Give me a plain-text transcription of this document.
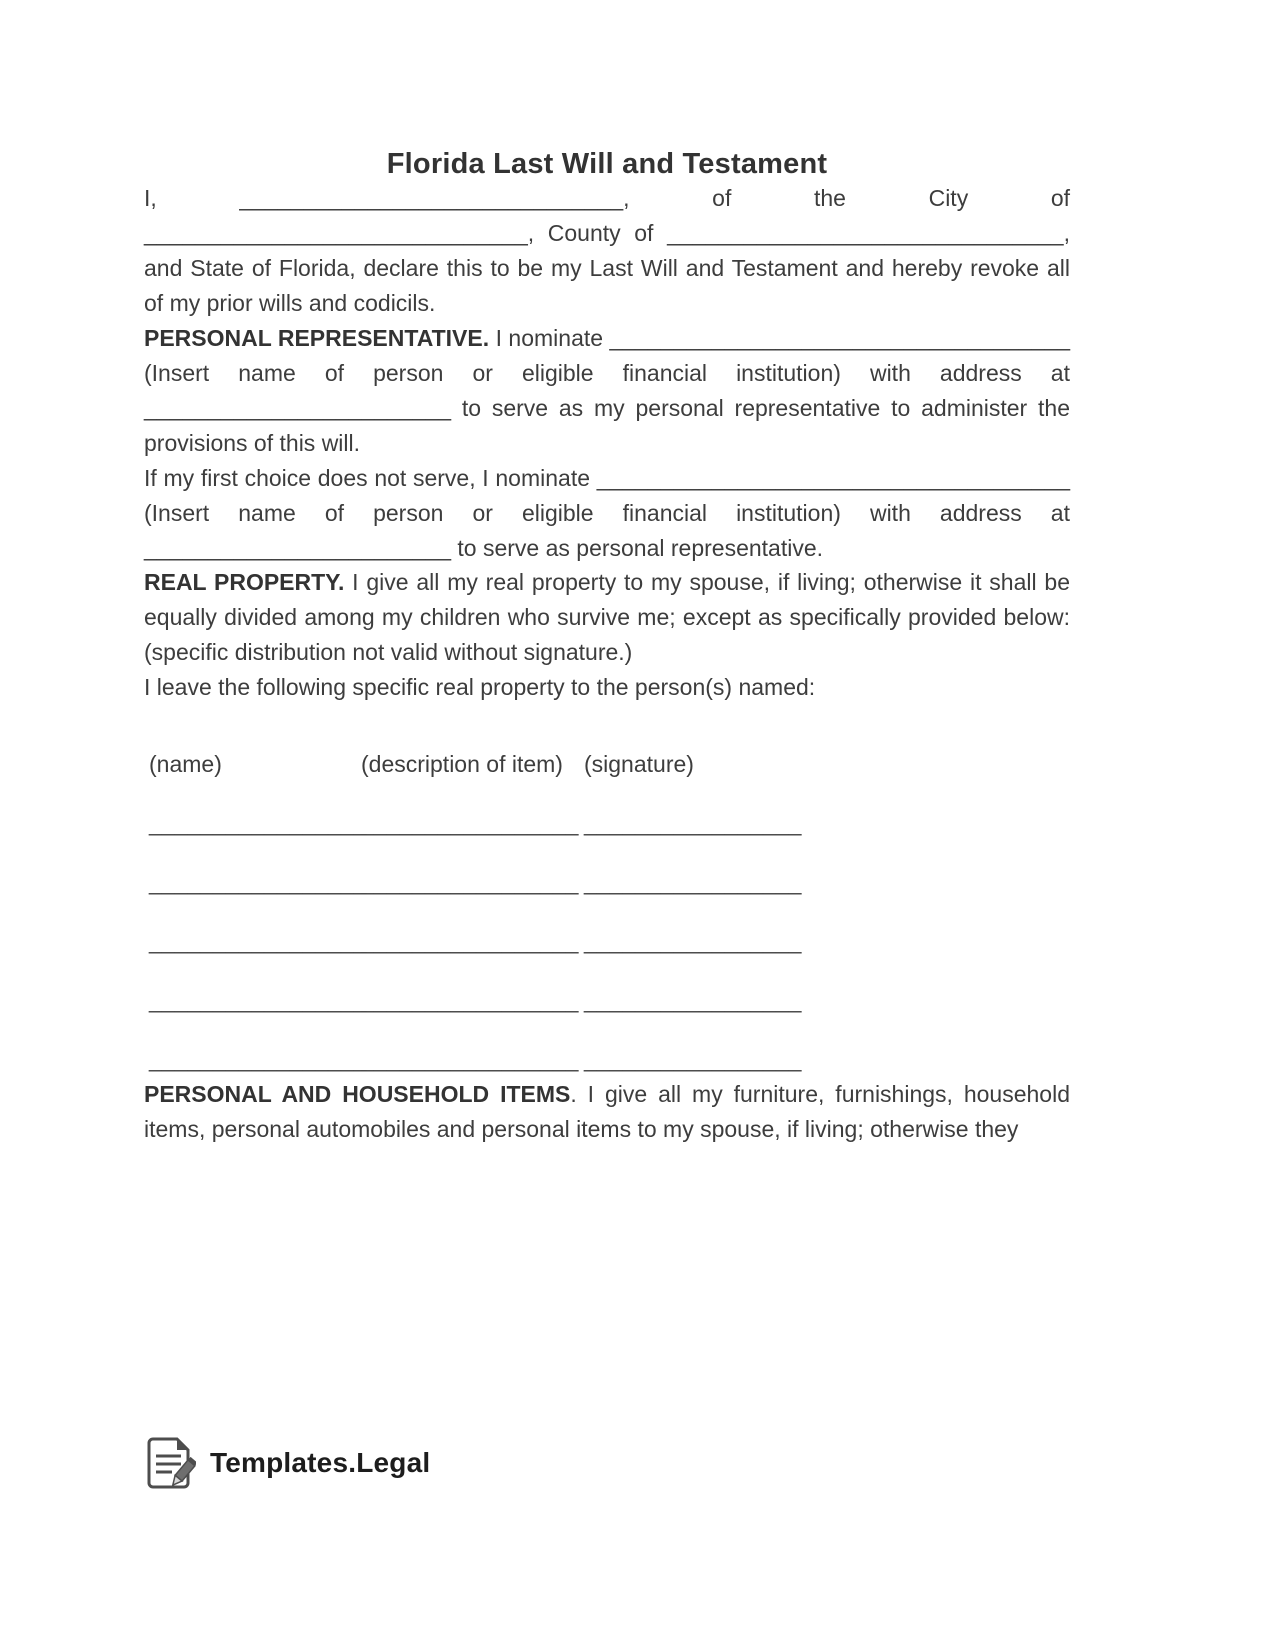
Florida Last Will and Testament

I, ______________________________, of the City of ______________________________, County of _______________________________, and State of Florida, declare this to be my Last Will and Testament and hereby revoke all of my prior wills and codicils.

PERSONAL REPRESENTATIVE. I nominate ____________________________________ (Insert name of person or eligible financial institution) with address at ________________________ to serve as my personal representative to administer the provisions of this will.

If my first choice does not serve, I nominate _____________________________________ (Insert name of person or eligible financial institution) with address at ________________________ to serve as personal representative.

REAL PROPERTY. I give all my real property to my spouse, if living; otherwise it shall be equally divided among my children who survive me; except as specifically provided below: (specific distribution not valid without signature.)

I leave the following specific real property to the person(s) named:

(name)	(description of item) (signature)
_________________
_________________ _________________
_________________
_________________ _________________
_________________
_________________ _________________
_________________
_________________ _________________
_________________
_________________ _________________

PERSONAL AND HOUSEHOLD ITEMS. I give all my furniture, furnishings, household items, personal automobiles and personal items to my spouse, if living; otherwise they

Templates.Legal
